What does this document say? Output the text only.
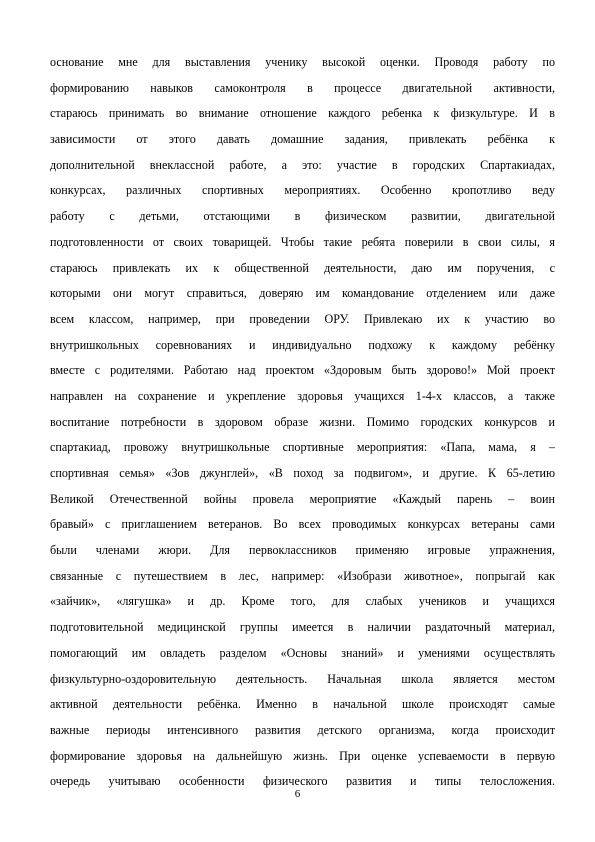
основание мне для выставления ученику высокой оценки. Проводя работу по
формированию навыков самоконтроля в процессе двигательной активности,
стараюсь принимать во внимание отношение каждого ребенка к физкультуре. И в
зависимости от этого давать домашние задания, привлекать ребёнка к
дополнительной внеклассной работе, а это: участие в городских Спартакиадах,
конкурсах, различных спортивных мероприятиях. Особенно кропотливо веду
работу с детьми, отстающими в физическом развитии, двигательной
подготовленности от своих товарищей. Чтобы такие ребята поверили в свои силы, я
стараюсь привлекать их к общественной деятельности, даю им поручения, с
которыми они могут справиться, доверяю им командование отделением или даже
всем классом, например, при проведении ОРУ. Привлекаю их к участию во
внутришкольных соревнованиях и индивидуально подхожу к каждому ребёнку
вместе с родителями. Работаю над проектом «Здоровым быть здорово!» Мой проект
направлен на сохранение и укрепление здоровья учащихся 1-4-х классов, а также
воспитание потребности в здоровом образе жизни. Помимо городских конкурсов и
спартакиад, провожу внутришкольные спортивные мероприятия: «Папа, мама, я –
спортивная семья» «Зов джунглей», «В поход за подвигом», и другие. К 65-летию
Великой Отечественной войны провела мероприятие «Каждый парень – воин
бравый» с приглашением ветеранов. Во всех проводимых конкурсах ветераны сами
были членами жюри. Для первоклассников применяю игровые упражнения,
связанные с путешествием в лес, например: «Изобрази животное», попрыгай как
«зайчик», «лягушка» и др. Кроме того, для слабых учеников и учащихся
подготовительной медицинской группы имеется в наличии раздаточный материал,
помогающий им овладеть разделом «Основы знаний» и умениями осуществлять
физкультурно-оздоровительную деятельность. Начальная школа является местом
активной деятельности ребёнка. Именно в начальной школе происходят самые
важные периоды интенсивного развития детского организма, когда происходит
формирование здоровья на дальнейшую жизнь. При оценке успеваемости в первую
очередь учитываю особенности физического развития и типы телосложения.
6
